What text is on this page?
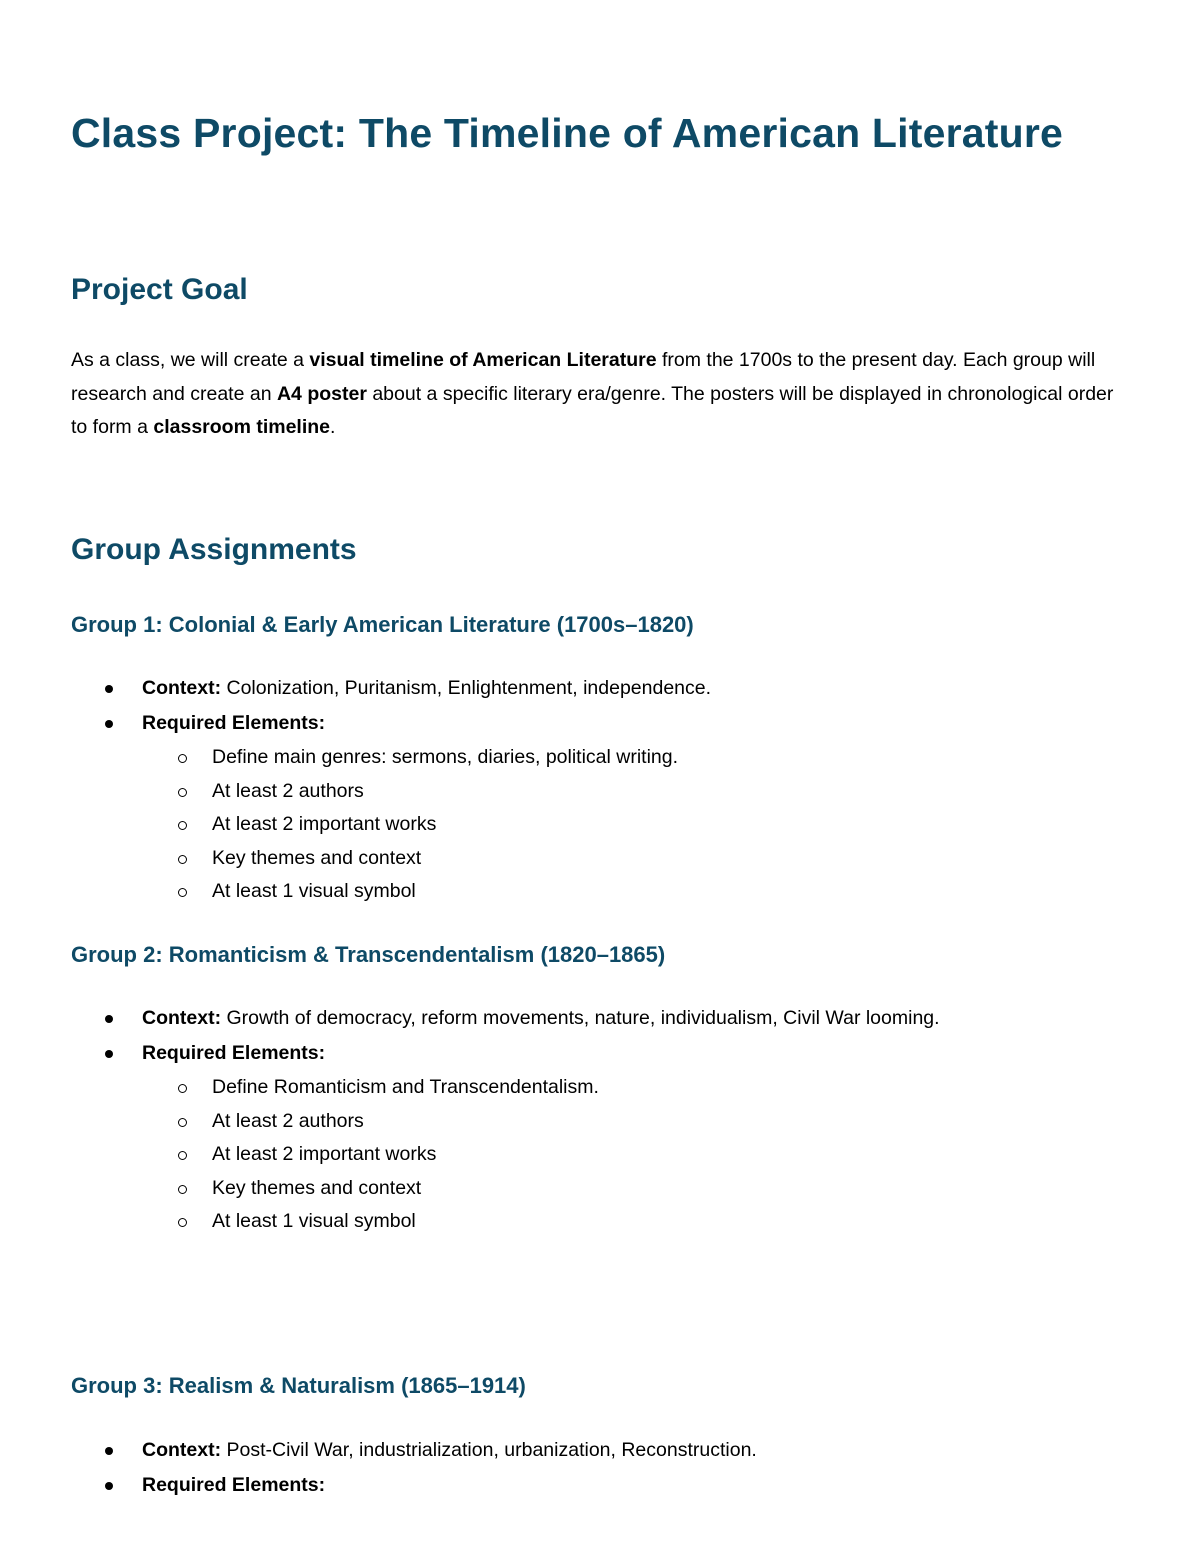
Class Project: The Timeline of American Literature
Project Goal

As a class, we will create a visual timeline of American Literature from the 1700s to the present day. Each group will research and create an A4 poster about a specific literary era/genre. The posters will be displayed in chronological order to form a classroom timeline.

Group Assignments
Group 1: Colonial & Early American Literature (1700s–1820)
Context: Colonization, Puritanism, Enlightenment, independence.
Required Elements:
Define main genres: sermons, diaries, political writing.
At least 2 authors
At least 2 important works
Key themes and context
At least 1 visual symbol
Group 2: Romanticism & Transcendentalism (1820–1865)
Context: Growth of democracy, reform movements, nature, individualism, Civil War looming.
Required Elements:
Define Romanticism and Transcendentalism.
At least 2 authors
At least 2 important works
Key themes and context
At least 1 visual symbol
Group 3: Realism & Naturalism (1865–1914)
Context: Post-Civil War, industrialization, urbanization, Reconstruction.
Required Elements:
